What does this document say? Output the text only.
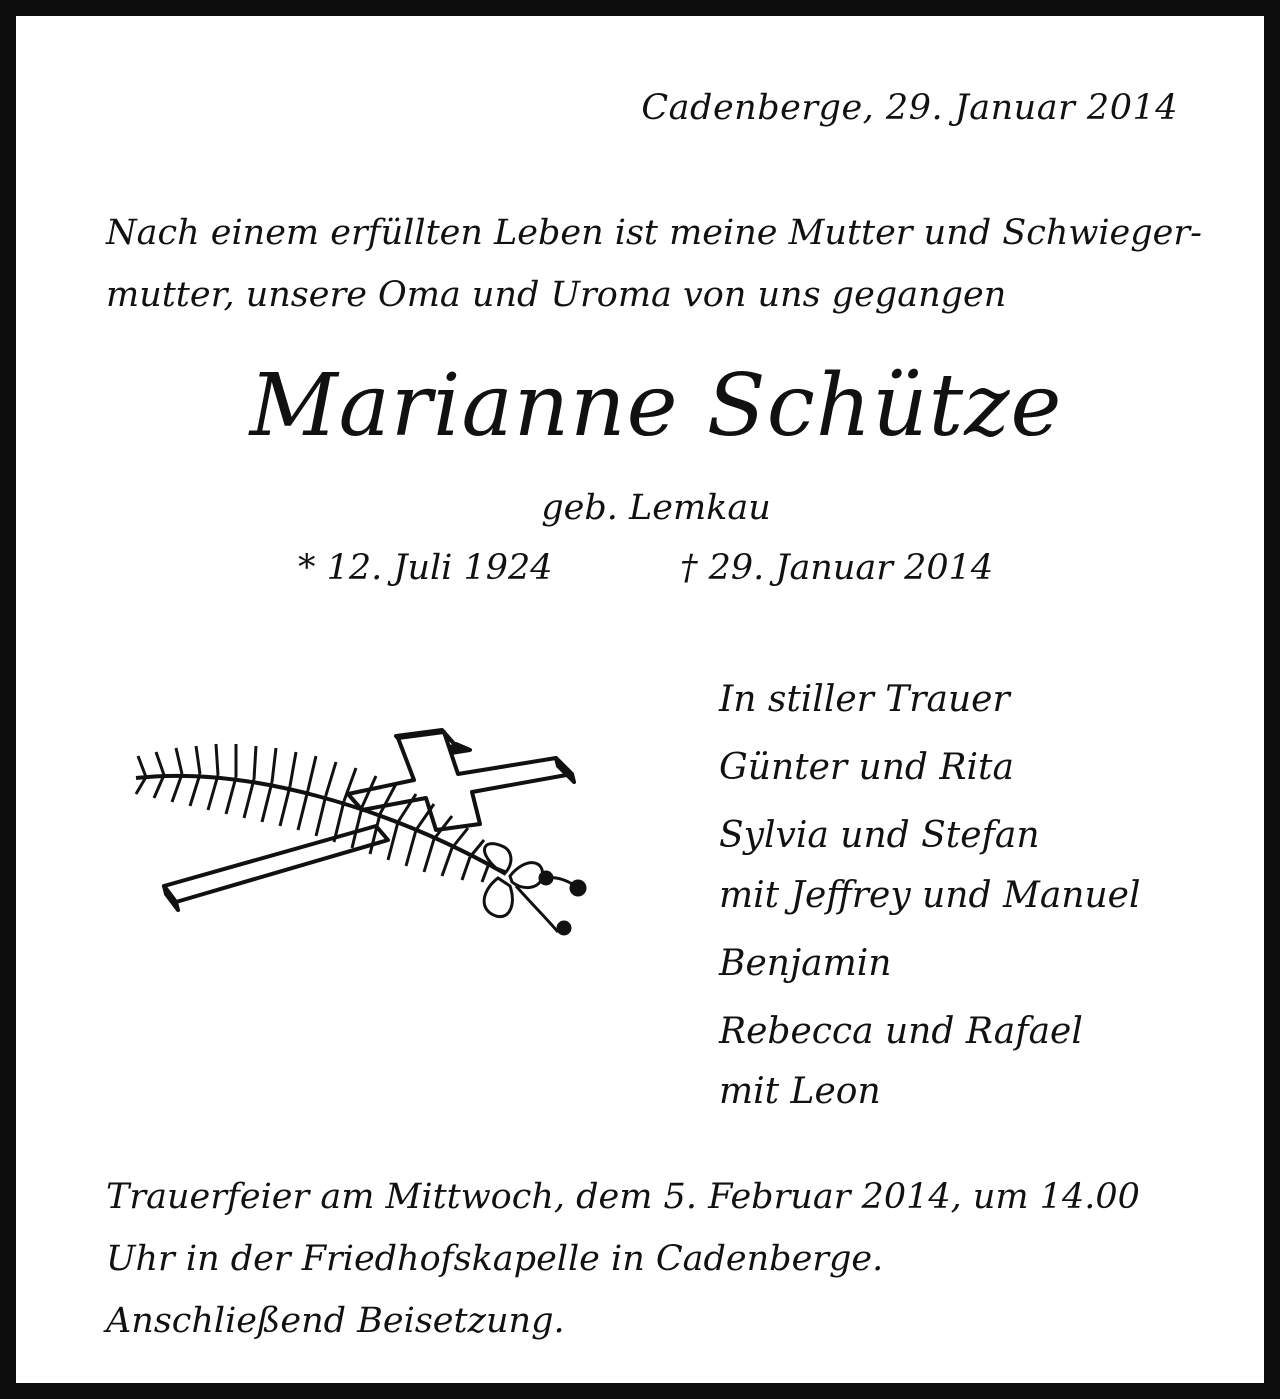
Cadenberge, 29. Januar 2014
Nach einem erfüllten Leben ist meine Mutter und Schwieger-
mutter, unsere Oma und Uroma von uns gegangen
Marianne Schütze
geb. Lemkau
* 12. Juli 1924	† 29. Januar 2014
In stiller Trauer
Günter und Rita
Sylvia und Stefan
mit Jeffrey und Manuel
Benjamin
Rebecca und Rafael
mit Leon
Trauerfeier am Mittwoch, dem 5. Februar 2014, um 14.00
Uhr in der Friedhofskapelle in Cadenberge.
Anschließend Beisetzung.
